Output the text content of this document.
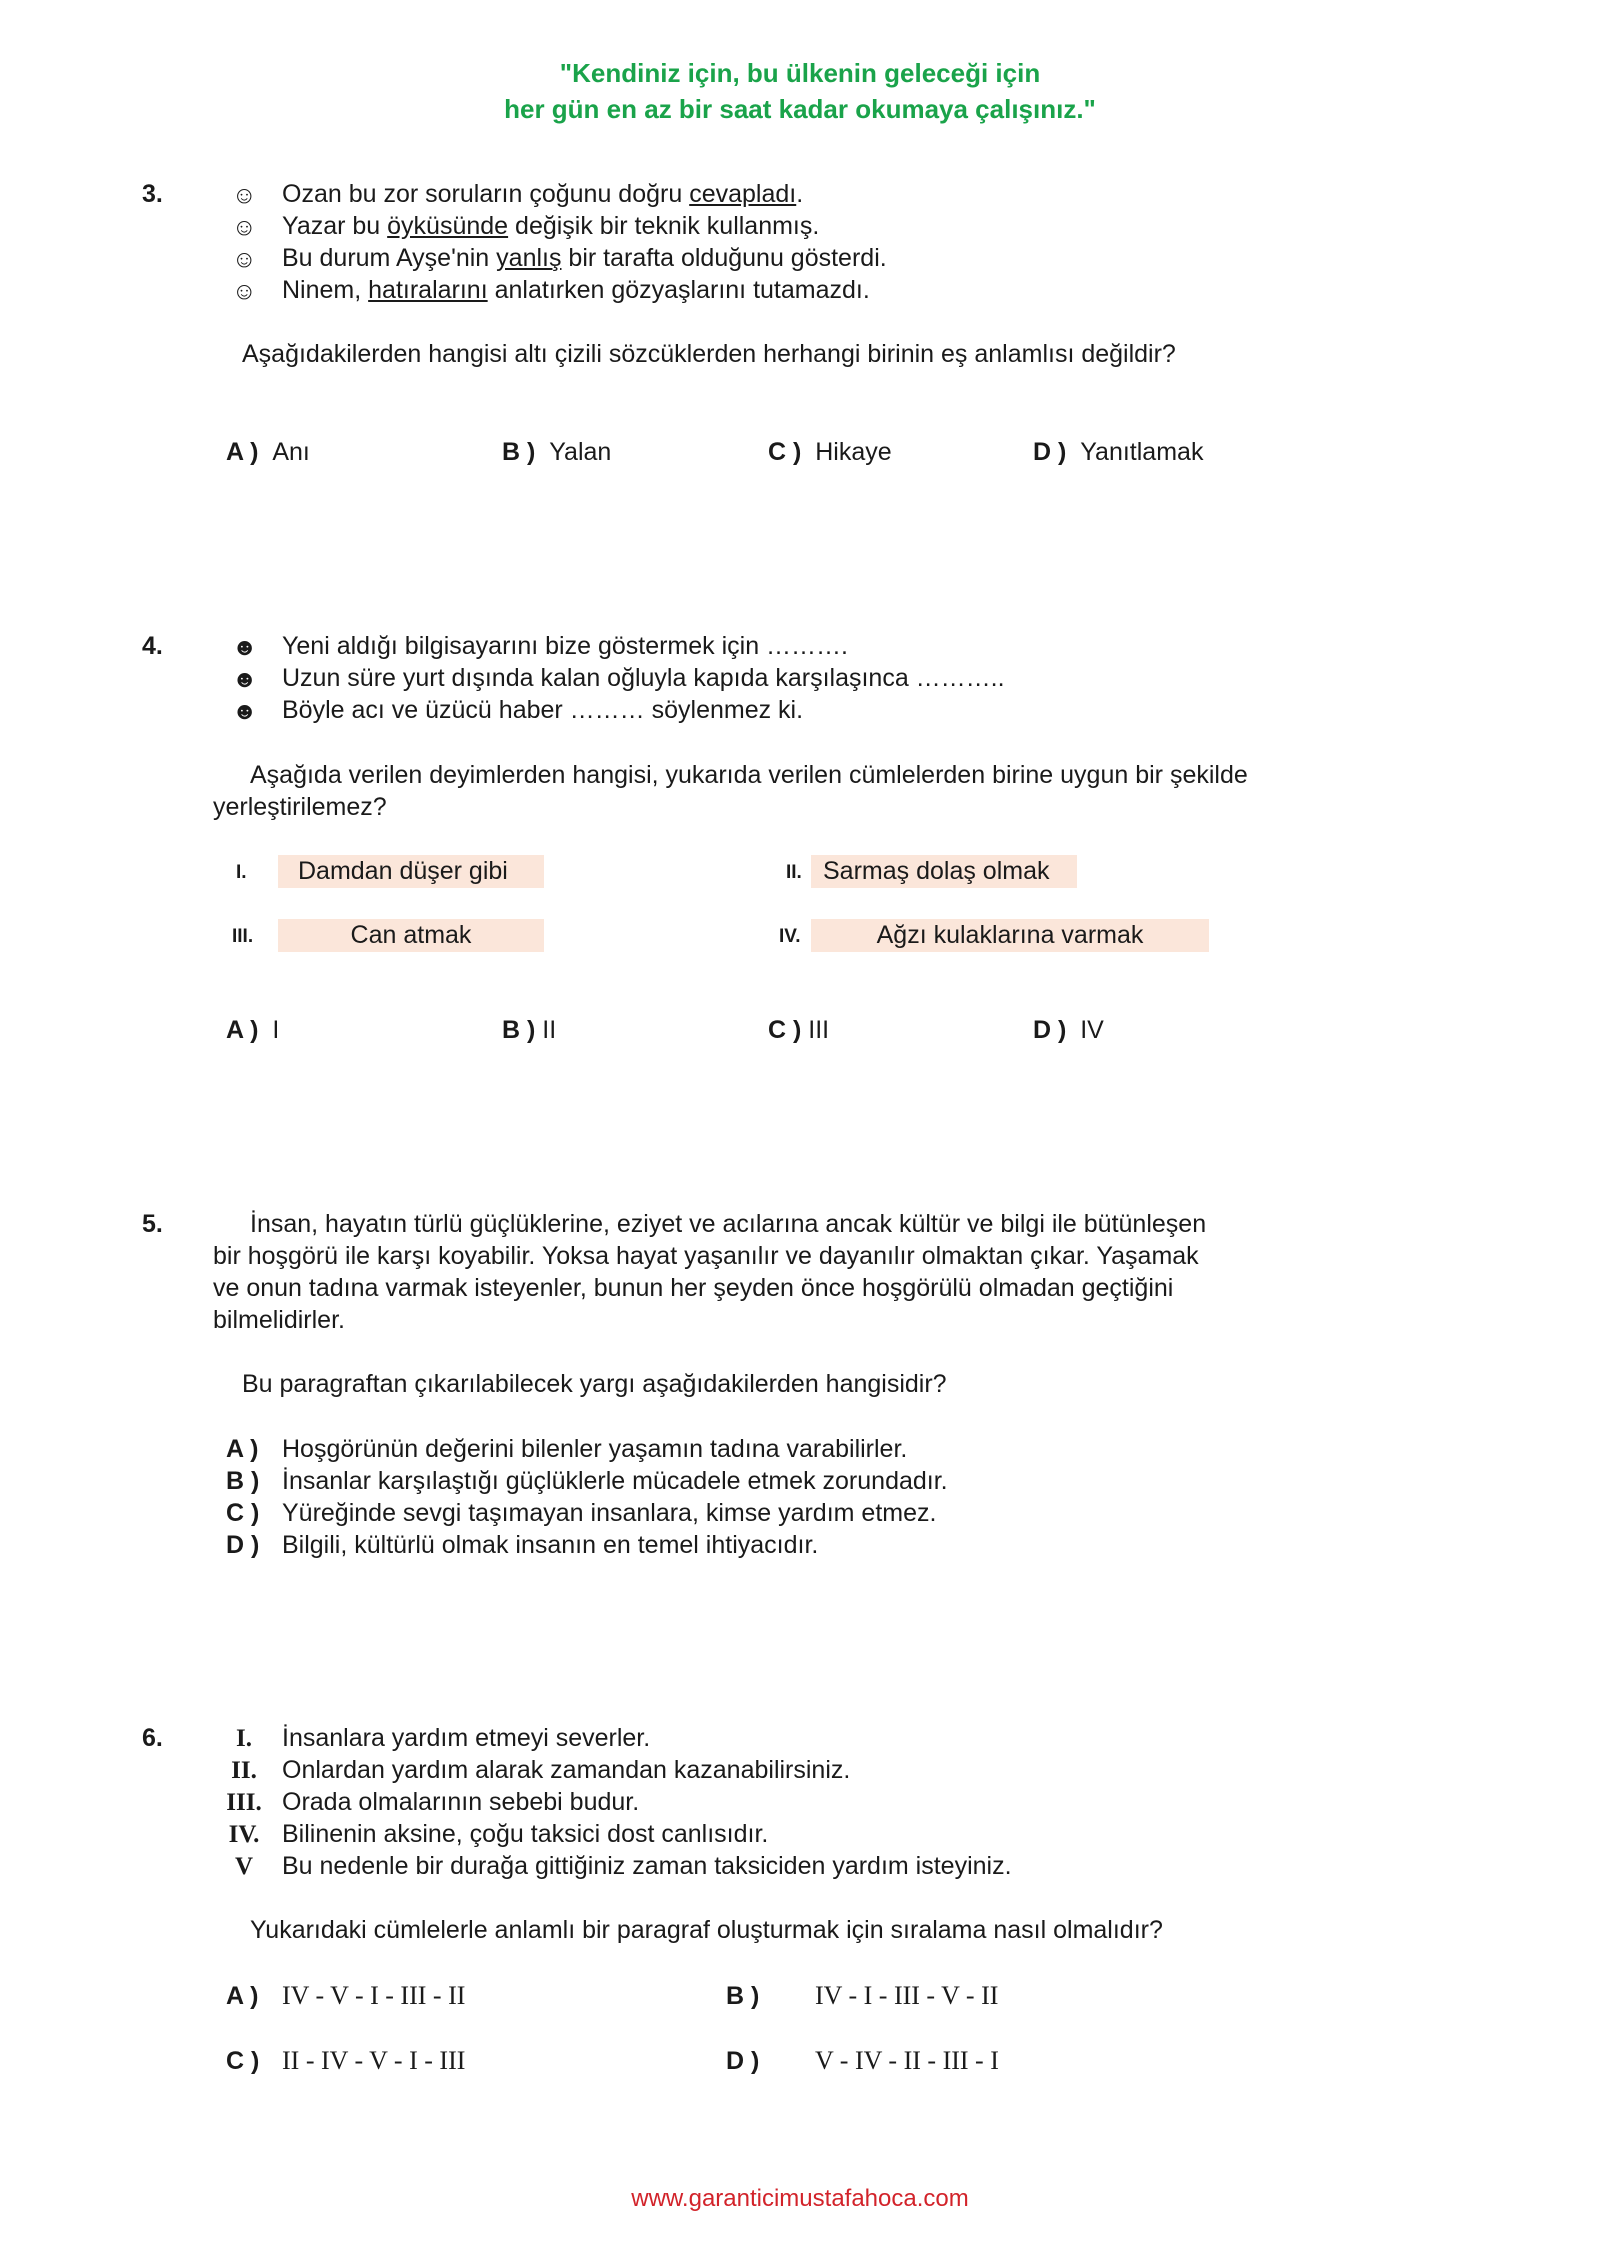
"Kendiniz için, bu ülkenin geleceği için
her gün en az bir saat kadar okumaya çalışınız."
3.	☺ Ozan bu zor soruların çoğunu doğru cevapladı.
☺ Yazar bu öyküsünde değişik bir teknik kullanmış.
☺ Bu durum Ayşe'nin yanlış bir tarafta olduğunu gösterdi.
☺ Ninem, hatıralarını anlatırken gözyaşlarını tutamazdı.
Aşağıdakilerden hangisi altı çizili sözcüklerden herhangi birinin eş anlamlısı değildir?
A ) Anı	B ) Yalan	C ) Hikaye	D ) Yanıtlamak
4.	☻ Yeni aldığı bilgisayarını bize göstermek için ……….
☻ Uzun süre yurt dışında kalan oğluyla kapıda karşılaşınca ………..
☻ Böyle acı ve üzücü haber ……… söylenmez ki.
Aşağıda verilen deyimlerden hangisi, yukarıda verilen cümlelerden birine uygun bir şekilde
yerleştirilemez?
I.	Damdan düşer gibi	II. Sarmaş dolaş olmak
III.	Can atmak	IV.	Ağzı kulaklarına varmak
A ) I	B ) II	C ) III	D ) IV
5.	İnsan, hayatın türlü güçlüklerine, eziyet ve acılarına ancak kültür ve bilgi ile bütünleşen
bir hoşgörü ile karşı koyabilir. Yoksa hayat yaşanılır ve dayanılır olmaktan çıkar. Yaşamak
ve onun tadına varmak isteyenler, bunun her şeyden önce hoşgörülü olmadan geçtiğini
bilmelidirler.
Bu paragraftan çıkarılabilecek yargı aşağıdakilerden hangisidir?
A ) Hoşgörünün değerini bilenler yaşamın tadına varabilirler.
B ) İnsanlar karşılaştığı güçlüklerle mücadele etmek zorundadır.
C ) Yüreğinde sevgi taşımayan insanlara, kimse yardım etmez.
D ) Bilgili, kültürlü olmak insanın en temel ihtiyacıdır.
6.	I.	İnsanlara yardım etmeyi severler.
II.	Onlardan yardım alarak zamandan kazanabilirsiniz.
III. Orada olmalarının sebebi budur.
IV. Bilinenin aksine, çoğu taksici dost canlısıdır.
V	Bu nedenle bir durağa gittiğiniz zaman taksiciden yardım isteyiniz.
Yukarıdaki cümlelerle anlamlı bir paragraf oluşturmak için sıralama nasıl olmalıdır?
A ) IV - V - I - III - II	B ) IV - I - III - V - II
C ) II - IV - V - I - III	D ) V - IV - II - III - I
www.garanticimustafahoca.com
